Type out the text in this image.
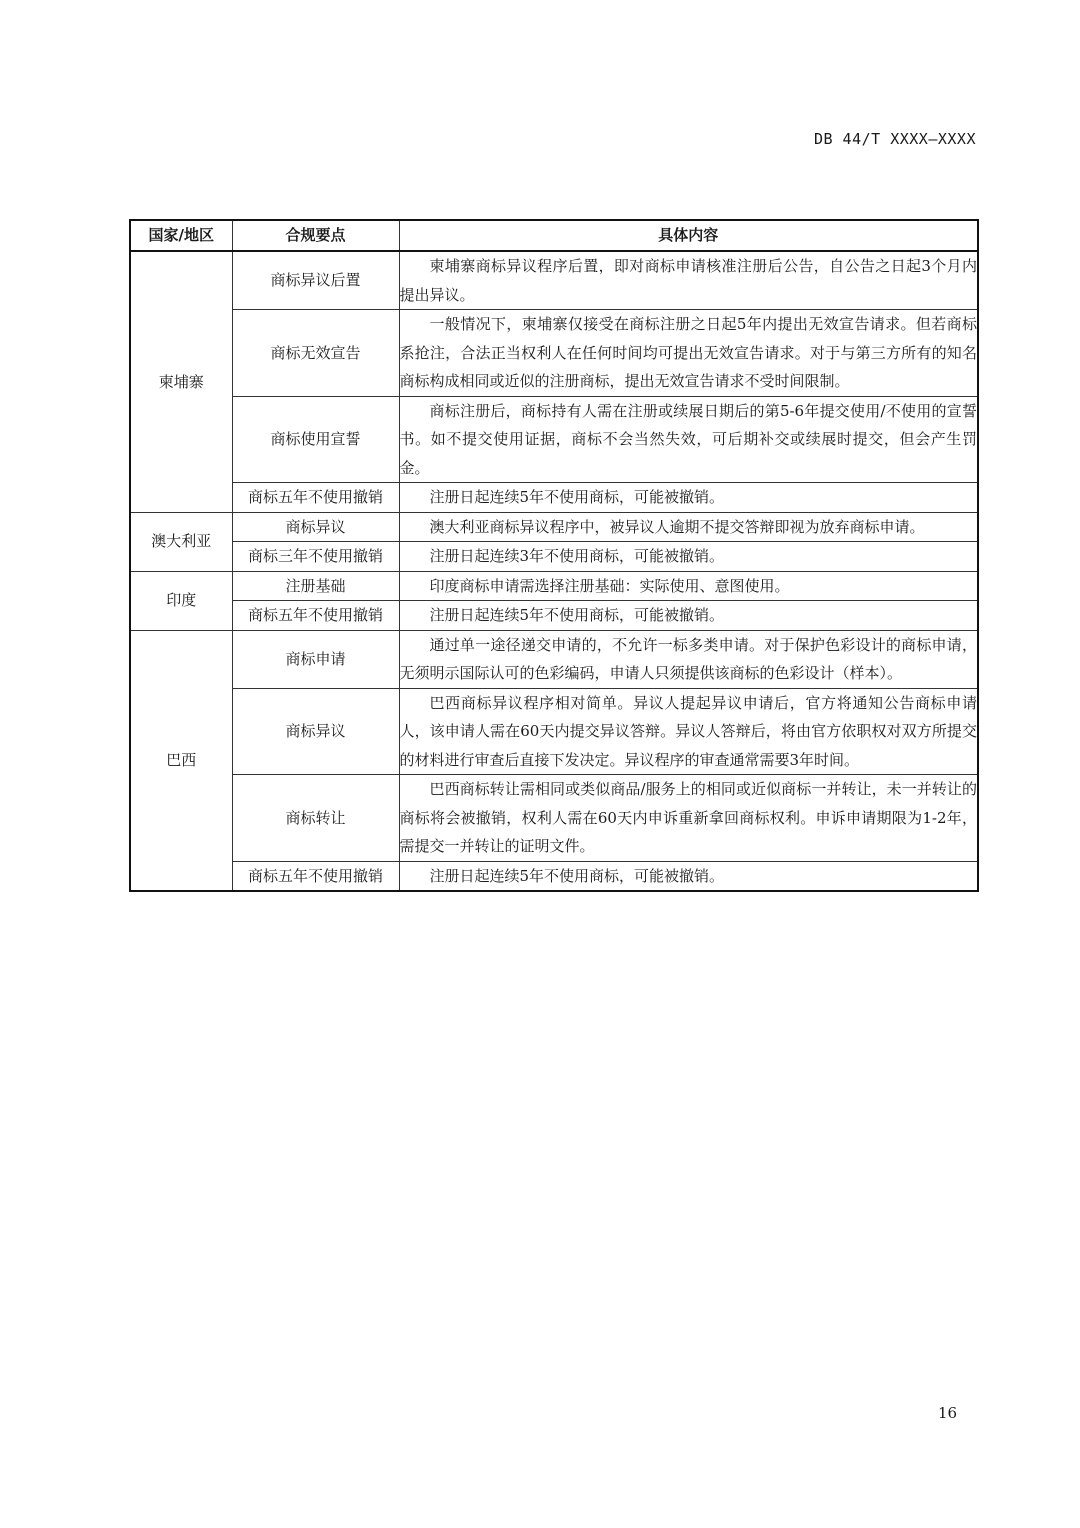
DB 44/T XXXX—XXXX
国家/地区	合规要点	具体内容
柬埔寨	商标异议后置	柬埔寨商标异议程序后置，即对商标申请核准注册后公告，自公告之日起3个月内提出异议。

	商标无效宣告	一般情况下，柬埔寨仅接受在商标注册之日起5年内提出无效宣告请求。但若商标系抢注，合法正当权利人在任何时间均可提出无效宣告请求。对于与第三方所有的知名商标构成相同或近似的注册商标，提出无效宣告请求不受时间限制。

	商标使用宣誓	商标注册后，商标持有人需在注册或续展日期后的第5-6年提交使用/不使用的宣誓书。如不提交使用证据，商标不会当然失效，可后期补交或续展时提交，但会产生罚金。

	商标五年不使用撤销	注册日起连续5年不使用商标，可能被撤销。

澳大利亚	商标异议	澳大利亚商标异议程序中，被异议人逾期不提交答辩即视为放弃商标申请。

	商标三年不使用撤销	注册日起连续3年不使用商标，可能被撤销。

印度	注册基础	印度商标申请需选择注册基础：实际使用、意图使用。

	商标五年不使用撤销	注册日起连续5年不使用商标，可能被撤销。

巴西	商标申请	通过单一途径递交申请的，不允许一标多类申请。对于保护色彩设计的商标申请，无须明示国际认可的色彩编码，申请人只须提供该商标的色彩设计（样本）。

	商标异议	巴西商标异议程序相对简单。异议人提起异议申请后，官方将通知公告商标申请人，该申请人需在60天内提交异议答辩。异议人答辩后，将由官方依职权对双方所提交的材料进行审查后直接下发决定。异议程序的审查通常需要3年时间。

	商标转让	巴西商标转让需相同或类似商品/服务上的相同或近似商标一并转让，未一并转让的商标将会被撤销，权利人需在60天内申诉重新拿回商标权利。申诉申请期限为1-2年，需提交一并转让的证明文件。

	商标五年不使用撤销	注册日起连续5年不使用商标，可能被撤销。
16
